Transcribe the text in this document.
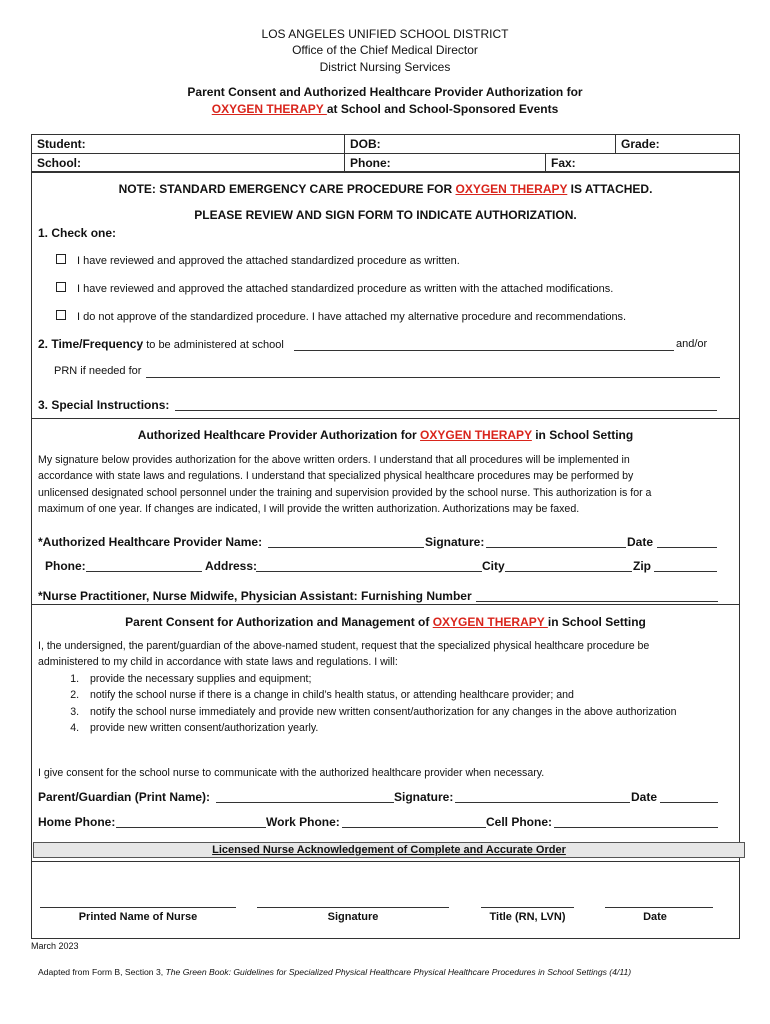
LOS ANGELES UNIFIED SCHOOL DISTRICT
Office of the Chief Medical Director
District Nursing Services
Parent Consent and Authorized Healthcare Provider Authorization for
OXYGEN THERAPY at School and School-Sponsored Events
Student:	DOB:	Grade:
School:	Phone:	Fax:
NOTE: STANDARD EMERGENCY CARE PROCEDURE FOR OXYGEN THERAPY IS ATTACHED.
PLEASE REVIEW AND SIGN FORM TO INDICATE AUTHORIZATION.
1. Check one:
I have reviewed and approved the attached standardized procedure as written.
I have reviewed and approved the attached standardized procedure as written with the attached modifications.
I do not approve of the standardized procedure. I have attached my alternative procedure and recommendations.
2. Time/Frequency to be administered at school	and/or
PRN if needed for
3. Special Instructions:
Authorized Healthcare Provider Authorization for OXYGEN THERAPY in School Setting
My signature below provides authorization for the above written orders. I understand that all procedures will be implemented in
accordance with state laws and regulations. I understand that specialized physical healthcare procedures may be performed by
unlicensed designated school personnel under the training and supervision provided by the school nurse. This authorization is for a
maximum of one year. If changes are indicated, I will provide the written authorization. Authorizations may be faxed.
*Authorized Healthcare Provider Name:	Signature:	Date
Phone:	Address:	City	Zip
*Nurse Practitioner, Nurse Midwife, Physician Assistant: Furnishing Number
Parent Consent for Authorization and Management of OXYGEN THERAPY in School Setting
I, the undersigned, the parent/guardian of the above-named student, request that the specialized physical healthcare procedure be
administered to my child in accordance with state laws and regulations. I will:
1. provide the necessary supplies and equipment;
2. notify the school nurse if there is a change in child’s health status, or attending healthcare provider; and
3. notify the school nurse immediately and provide new written consent/authorization for any changes in the above authorization
4. provide new written consent/authorization yearly.
I give consent for the school nurse to communicate with the authorized healthcare provider when necessary.
Parent/Guardian (Print Name):	Signature:	Date
Home Phone:	Work Phone:	Cell Phone:
Licensed Nurse Acknowledgement of Complete and Accurate Order
Printed Name of Nurse	Signature	Title (RN, LVN)	Date
March 2023
Adapted from Form B, Section 3, The Green Book: Guidelines for Specialized Physical Healthcare Physical Healthcare Procedures in School Settings (4/11)
